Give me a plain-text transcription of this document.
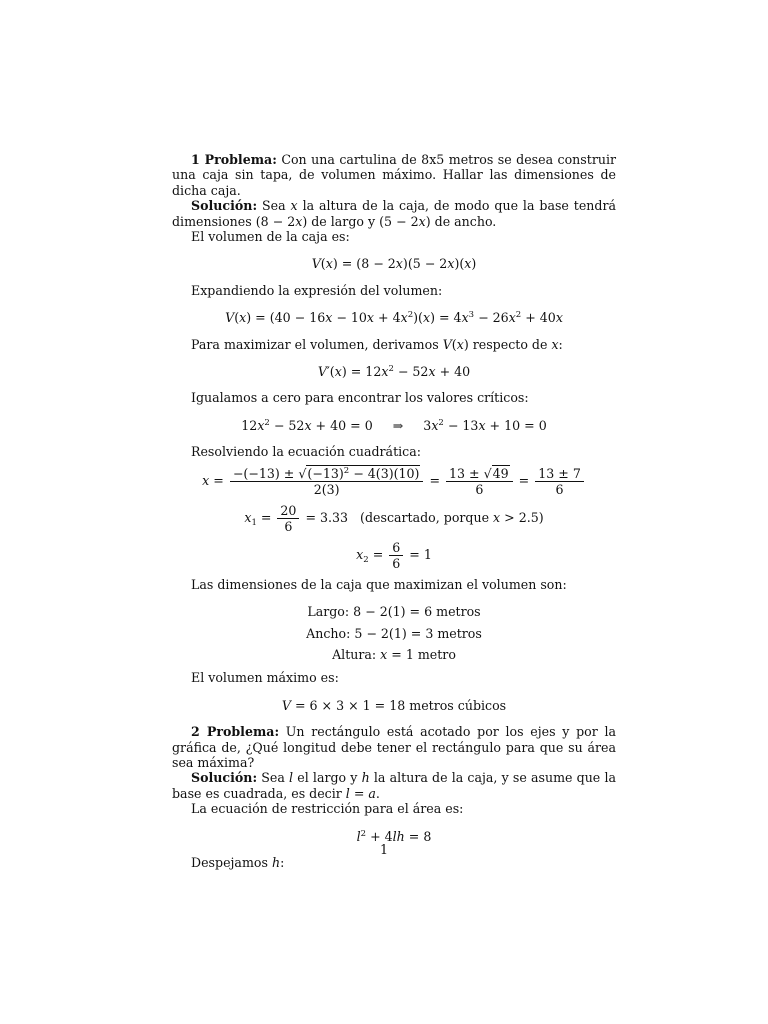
1 Problema: Con una cartulina de 8x5 metros se desea construir una caja sin tapa, de volumen máximo. Hallar las dimensiones de dicha caja.

Solución: Sea x la altura de la caja, de modo que la base tendrá dimensiones (8 − 2x) de largo y (5 − 2x) de ancho.

El volumen de la caja es:

V(x) = (8 − 2x)(5 − 2x)(x)

Expandiendo la expresión del volumen:

$V(x) = (40 - 16x - 10x + 4x^2)(x) = 4x^3 - 26x^2 + 40x$

Para maximizar el volumen, derivamos V(x) respecto de x:

$V'(x) = 12x^2 - 52x + 40$

Igualamos a cero para encontrar los valores críticos:

$12x^2 - 52x + 40 = 0$     ⇒     $3x^2 - 13x + 10 = 0$

Resolviendo la ecuación cuadrática:

$x = \frac{-(-13) \pm √(-13)^2 - 4(3)(10)}{2(3)} = \frac{13 \pm √49}{6} = \frac{13 \pm 7}{6}$
$x_1 = \frac{20}{6} = 3.33$   (descartado, porque x > 2.5)
$x_2 = \frac{6}{6} = 1$

Las dimensiones de la caja que maximizan el volumen son:

Largo: 8 − 2(1) = 6 metros
Ancho: 5 − 2(1) = 3 metros
Altura: x = 1 metro

El volumen máximo es:

V = 6 × 3 × 1 = 18 metros cúbicos

2 Problema: Un rectángulo está acotado por los ejes y por la gráfica de, ¿Qué longitud debe tener el rectángulo para que su área sea máxima?

Solución: Sea l el largo y h la altura de la caja, y se asume que la base es cuadrada, es decir l = a.

La ecuación de restricción para el área es:

$l^2 + 4lh = 8$

Despejamos h:

1
